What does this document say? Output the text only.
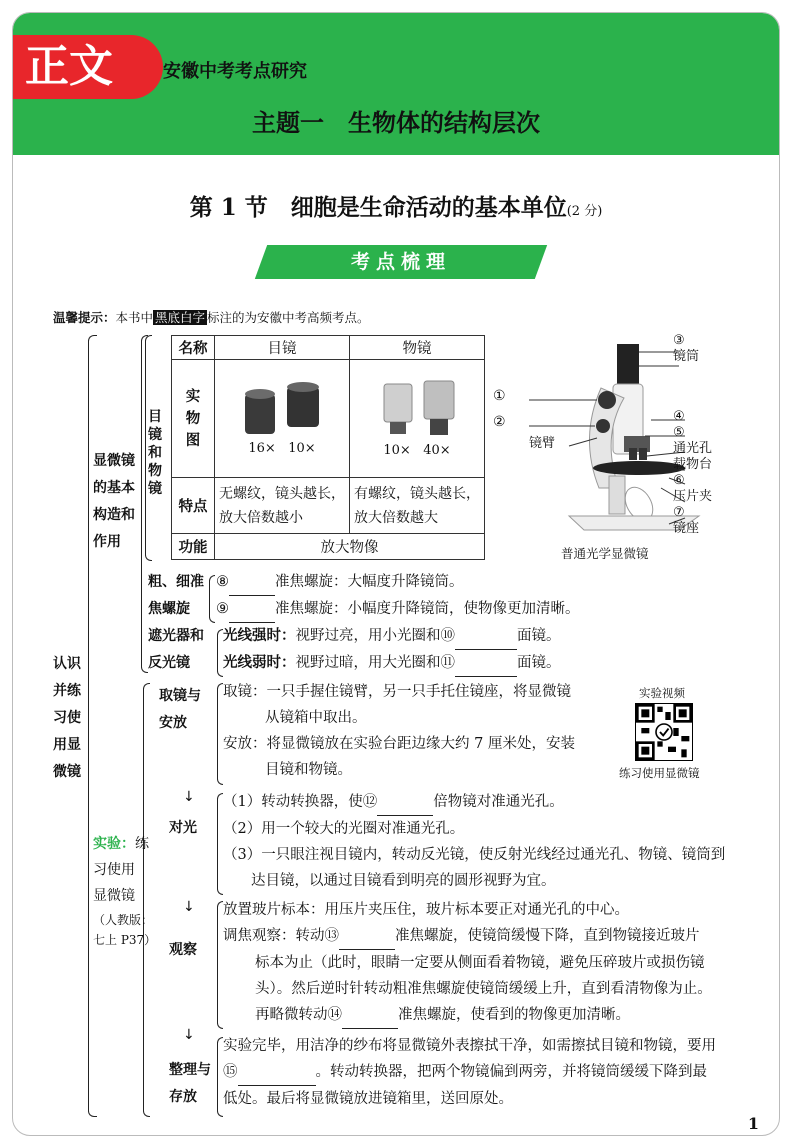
正文	安徽中考考点研究
主题一　生物体的结构层次
第 1 节　细胞是生命活动的基本单位(2 分)
考点梳理
温馨提示：本书中 黑底白字 标注的为安徽中考高频考点。
认识
并练
习使
用显
微镜
显微镜
的基本
构造和
作用
目
镜
和
物
镜
名称	目镜	物镜

实
物
图	16× 10×	10× 40×

特点	无螺纹，镜头越长，放大倍数越小	有螺纹，镜头越长，放大倍数越大
功能	放大物像	
③
镜筒
①
②
镜臂
④
⑤
通光孔
载物台
⑥
压片夹
⑦
镜座
普通光学显微镜
粗、细准
焦螺旋
⑧	准焦螺旋：大幅度升降镜筒。
⑨	准焦螺旋：小幅度升降镜筒，使物像更加清晰。
遮光器和
反光镜
光线强时：视野过亮，用小光圈和⑩	面镜。
光线弱时：视野过暗，用大光圈和⑪	面镜。
实验：练
习使用
显微镜
（人教版：
七上 P37）
取镜与
安放
取镜：一只手握住镜臂，另一只手托住镜座，将显微镜
从镜箱中取出。
安放：将显微镜放在实验台距边缘大约 7 厘米处，安装
目镜和物镜。
实验视频
练习使用显微镜
↓
对光
（1）转动转换器，使⑫	倍物镜对准通光孔。
（2）用一个较大的光圈对准通光孔。
（3）一只眼注视目镜内，转动反光镜，使反射光线经过通光孔、物镜、镜筒到
达目镜，以通过目镜看到明亮的圆形视野为宜。
↓
观察
放置玻片标本：用压片夹压住，玻片标本要正对通光孔的中心。
调焦观察：转动⑬	准焦螺旋，使镜筒缓慢下降，直到物镜接近玻片
标本为止（此时，眼睛一定要从侧面看着物镜，避免压碎玻片或损伤镜
头）。然后逆时针转动粗准焦螺旋使镜筒缓缓上升，直到看清物像为止。
再略微转动⑭	准焦螺旋，使看到的物像更加清晰。
↓
整理与
存放
实验完毕，用洁净的纱布将显微镜外表擦拭干净，如需擦拭目镜和物镜，要用
⑮	。转动转换器，把两个物镜偏到两旁，并将镜筒缓缓下降到最
低处。最后将显微镜放进镜箱里，送回原处。
1
